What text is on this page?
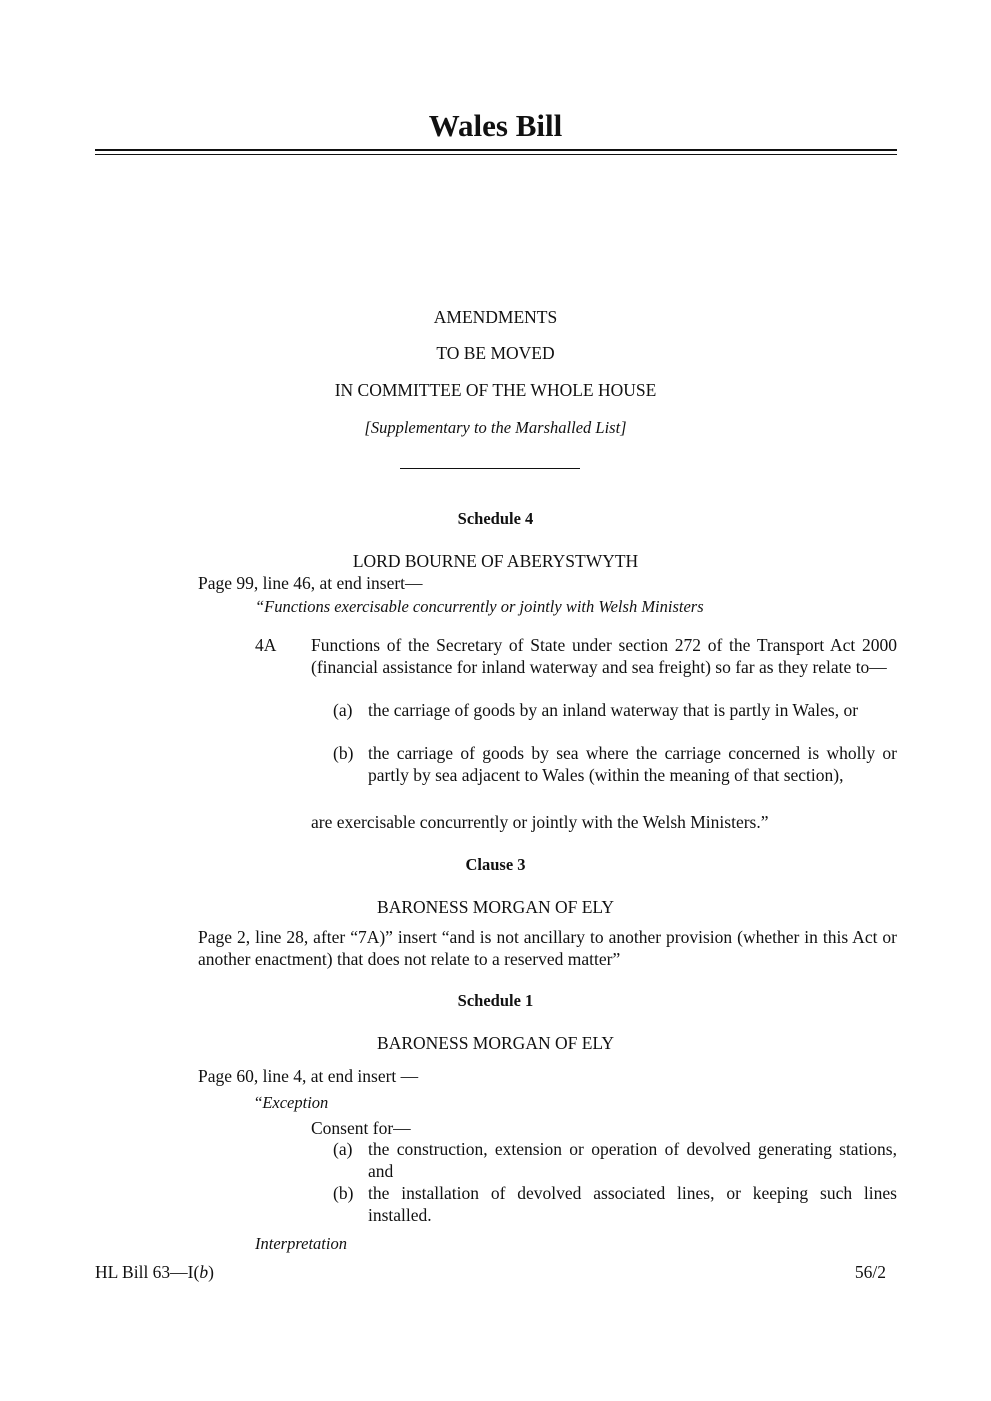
Wales Bill
AMENDMENTS
TO BE MOVED
IN COMMITTEE OF THE WHOLE HOUSE
[Supplementary to the Marshalled List]
Schedule 4
LORD BOURNE OF ABERYSTWYTH
Page 99, line 46, at end insert—
“Functions exercisable concurrently or jointly with Welsh Ministers
4A Functions of the Secretary of State under section 272 of the Transport Act 2000 (financial assistance for inland waterway and sea freight) so far as they relate to—
(a) the carriage of goods by an inland waterway that is partly in Wales, or
(b) the carriage of goods by sea where the carriage concerned is wholly or partly by sea adjacent to Wales (within the meaning of that section),
are exercisable concurrently or jointly with the Welsh Ministers.”
Clause 3
BARONESS MORGAN OF ELY
Page 2, line 28, after “7A)” insert “and is not ancillary to another provision (whether in this Act or another enactment) that does not relate to a reserved matter”
Schedule 1
BARONESS MORGAN OF ELY
Page 60, line 4, at end insert —
“Exception
Consent for—
(a) the construction, extension or operation of devolved generating stations, and
(b) the installation of devolved associated lines, or keeping such lines installed.
Interpretation
HL Bill 63—I(b)	56/2
